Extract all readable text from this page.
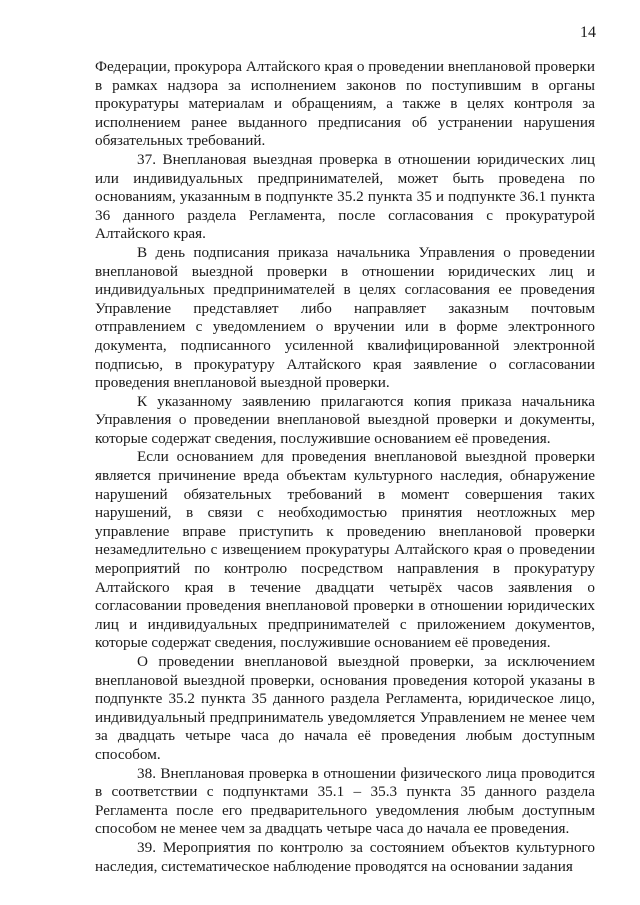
14

Федерации, прокурора Алтайского края о проведении внеплановой проверки в рамках надзора за исполнением законов по поступившим в органы прокуратуры материалам и обращениям, а также в целях контроля за исполнением ранее выданного предписания об устранении нарушения обязательных требований.

37. Внеплановая выездная проверка в отношении юридических лиц или индивидуальных предпринимателей, может быть проведена по основаниям, указанным в подпункте 35.2 пункта 35 и подпункте 36.1 пункта 36 данного раздела Регламента, после согласования с прокуратурой Алтайского края.

В день подписания приказа начальника Управления о проведении внеплановой выездной проверки в отношении юридических лиц и индивидуальных предпринимателей в целях согласования ее проведения Управление представляет либо направляет заказным почтовым отправлением с уведомлением о вручении или в форме электронного документа, подписанного усиленной квалифицированной электронной подписью, в прокуратуру Алтайского края заявление о согласовании проведения внеплановой выездной проверки.

К указанному заявлению прилагаются копия приказа начальника Управления о проведении внеплановой выездной проверки и документы, которые содержат сведения, послужившие основанием её проведения.

Если основанием для проведения внеплановой выездной проверки является причинение вреда объектам культурного наследия, обнаружение нарушений обязательных требований в момент совершения таких нарушений, в связи с необходимостью принятия неотложных мер управление вправе приступить к проведению внеплановой проверки незамедлительно с извещением прокуратуры Алтайского края о проведении мероприятий по контролю посредством направления в прокуратуру Алтайского края в течение двадцати четырёх часов заявления о согласовании проведения внеплановой проверки в отношении юридических лиц и индивидуальных предпринимателей с приложением документов, которые содержат сведения, послужившие основанием её проведения.

О проведении внеплановой выездной проверки, за исключением внеплановой выездной проверки, основания проведения которой указаны в подпункте 35.2 пункта 35 данного раздела Регламента, юридическое лицо, индивидуальный предприниматель уведомляется Управлением не менее чем за двадцать четыре часа до начала её проведения любым доступным способом.

38. Внеплановая проверка в отношении физического лица проводится в соответствии с подпунктами 35.1 – 35.3 пункта 35 данного раздела Регламента после его предварительного уведомления любым доступным способом не менее чем за двадцать четыре часа до начала ее проведения.

39. Мероприятия по контролю за состоянием объектов культурного наследия, систематическое наблюдение проводятся на основании задания
